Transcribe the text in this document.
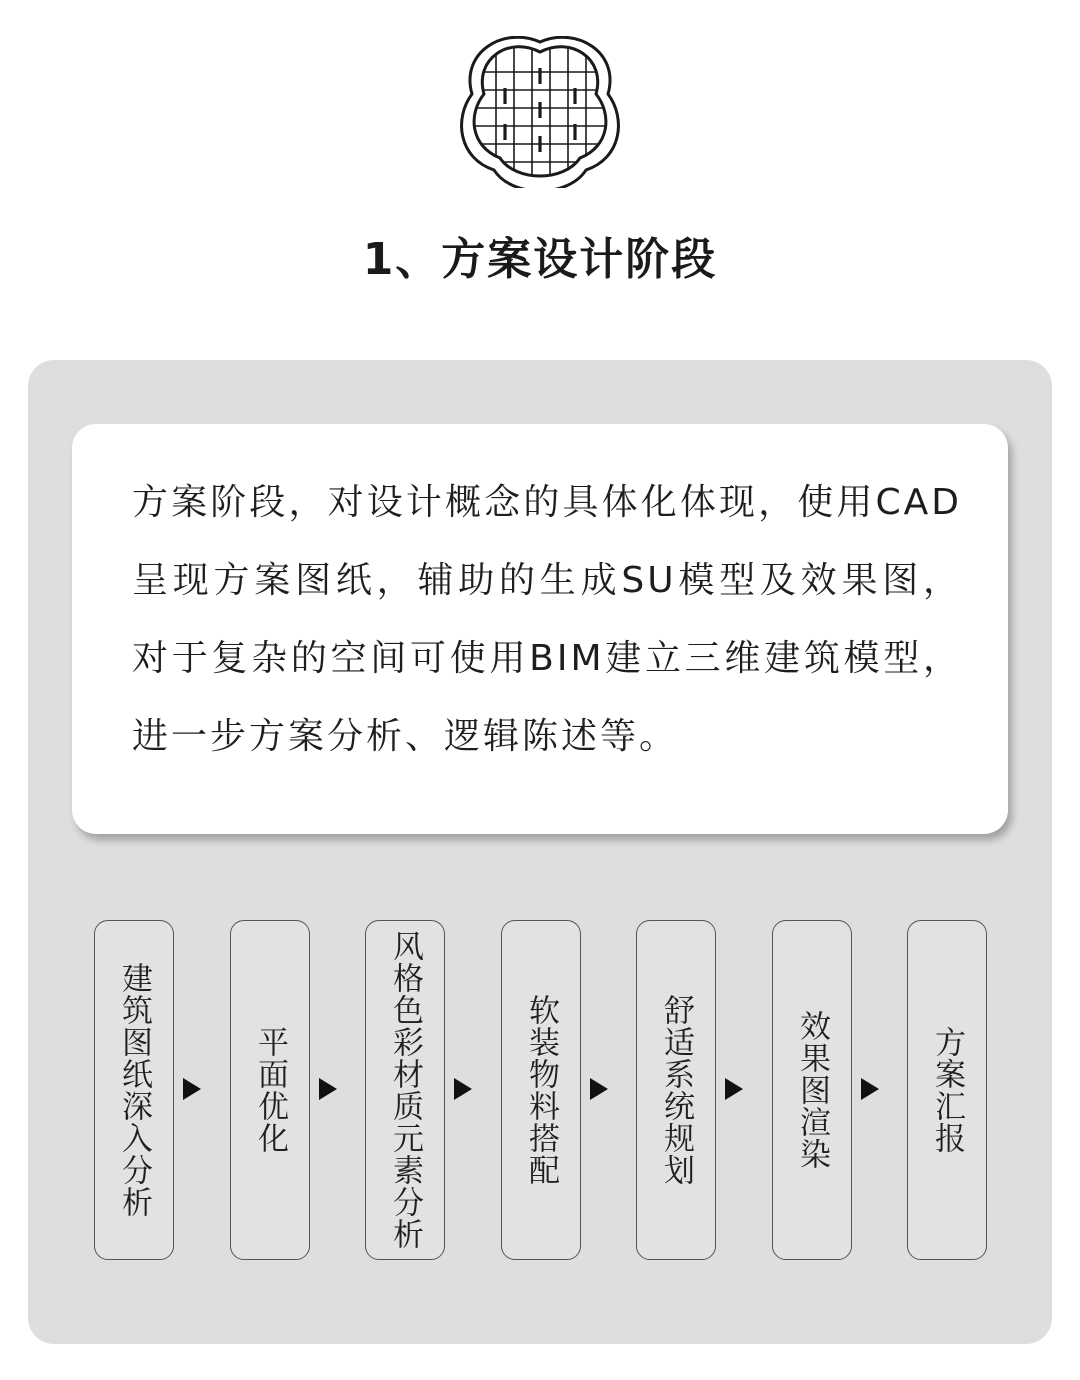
1、方案设计阶段

方案阶段，对设计概念的具体化体现，使用CAD呈现方案图纸，辅助的生成SU模型及效果图，对于复杂的空间可使用BIM建立三维建筑模型，进一步方案分析、逻辑陈述等。

建筑图纸深入分析	平面优化	风格色彩材质元素分析	软装物料搭配	舒适系统规划	效果图渲染	方案汇报
